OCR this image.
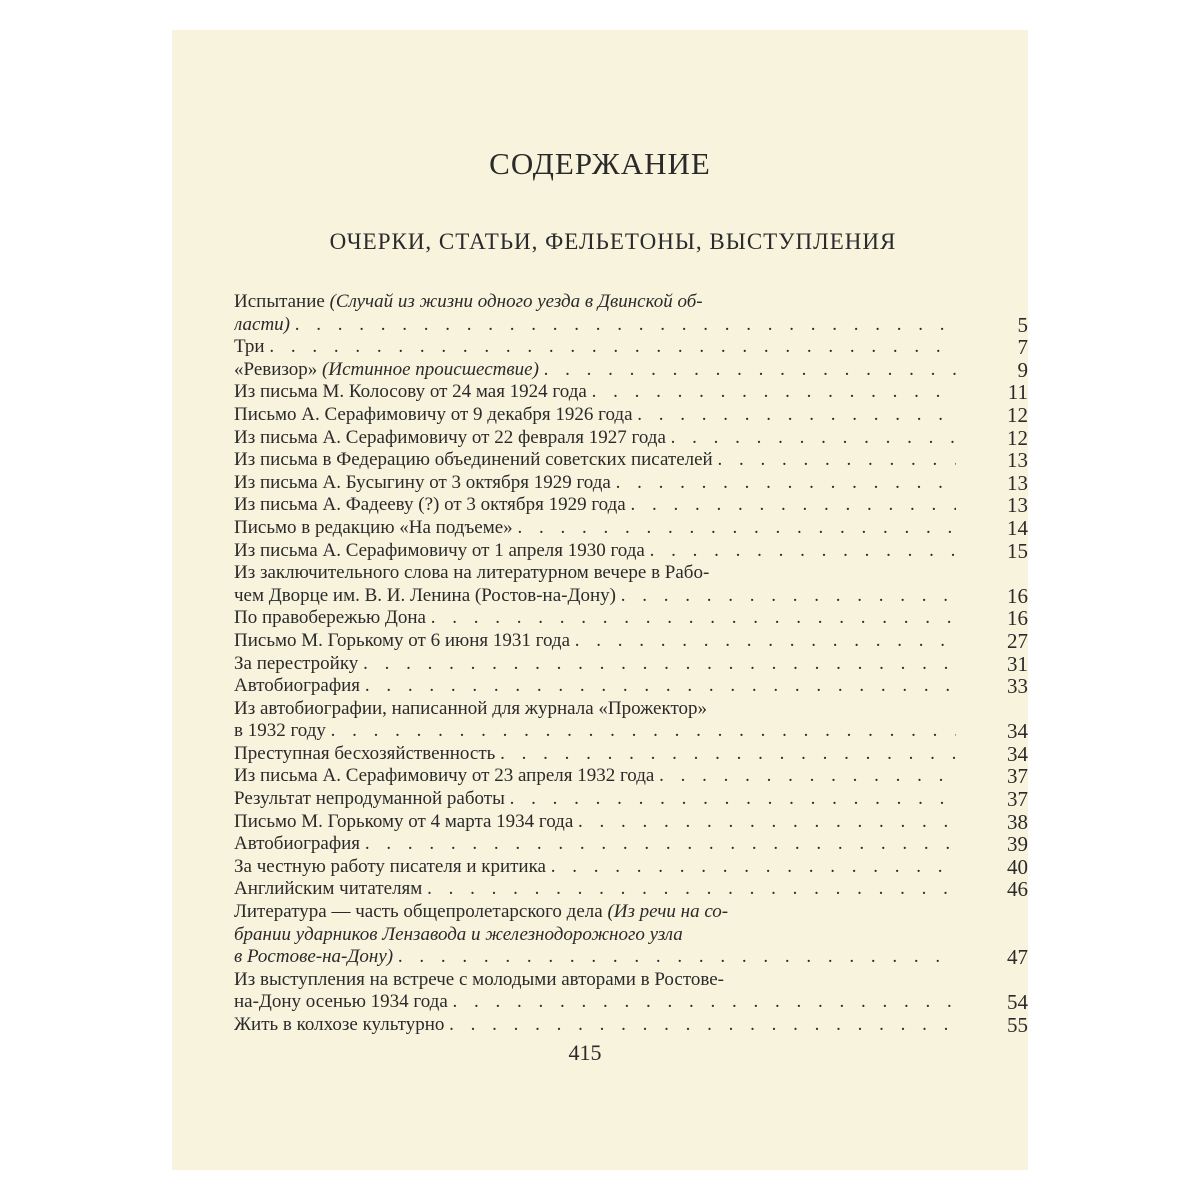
СОДЕРЖАНИЕ
ОЧЕРКИ, СТАТЬИ, ФЕЛЬЕТОНЫ, ВЫСТУПЛЕНИЯ
Испытание (Случай из жизни одного уезда в Двинской об-
ласти) . . .	5
Три . . .	7
«Ревизор» (Истинное происшествие) . . .	9
Из письма М. Колосову от 24 мая 1924 года . . .	11
Письмо А. Серафимовичу от 9 декабря 1926 года . . .	12
Из письма А. Серафимовичу от 22 февраля 1927 года . . .	12
Из письма в Федерацию объединений советских писателей . . .	13
Из письма А. Бусыгину от 3 октября 1929 года . . .	13
Из письма А. Фадееву (?) от 3 октября 1929 года . . .	13
Письмо в редакцию «На подъеме» . . .	14
Из письма А. Серафимовичу от 1 апреля 1930 года . . .	15
Из заключительного слова на литературном вечере в Рабо-
чем Дворце им. В. И. Ленина (Ростов-на-Дону) . . .	16
По правобережью Дона . . .	16
Письмо М. Горькому от 6 июня 1931 года . . .	27
За перестройку . . .	31
Автобиография . . .	33
Из автобиографии, написанной для журнала «Прожектор»
в 1932 году . . .	34
Преступная бесхозяйственность . . .	34
Из письма А. Серафимовичу от 23 апреля 1932 года . . .	37
Результат непродуманной работы . . .	37
Письмо М. Горькому от 4 марта 1934 года . . .	38
Автобиография . . .	39
За честную работу писателя и критика . . .	40
Английским читателям . . .	46
Литература — часть общепролетарского дела (Из речи на со-
брании ударников Лензавода и железнодорожного узла
в Ростове-на-Дону) . . .	47
Из выступления на встрече с молодыми авторами в Ростове-
на-Дону осенью 1934 года . . .	54
Жить в колхозе культурно . . .	55
415
